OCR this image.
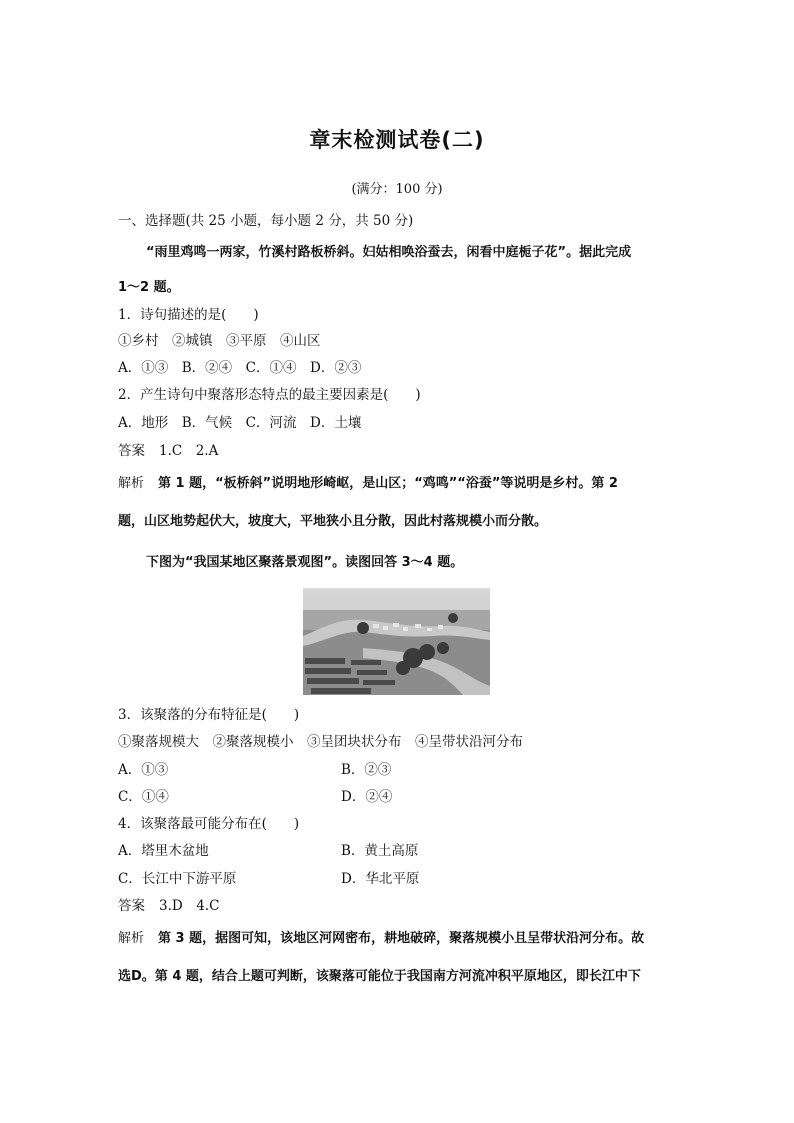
章末检测试卷(二)
(满分：100 分)
一、选择题(共 25 小题，每小题 2 分，共 50 分)
“雨里鸡鸣一两家，竹溪村路板桥斜。妇姑相唤浴蚕去，闲看中庭栀子花”。据此完成
1～2 题。
1．诗句描述的是(　　)
①乡村　②城镇　③平原　④山区
A．①③　B．②④　C．①④　D．②③
2．产生诗句中聚落形态特点的最主要因素是(　　)
A．地形　B．气候　C．河流　D．土壤
答案 1.C　2.A
解析 第 1 题，“板桥斜”说明地形崎岖，是山区；“鸡鸣”“浴蚕”等说明是乡村。第 2
题，山区地势起伏大，坡度大，平地狭小且分散，因此村落规模小而分散。
下图为“我国某地区聚落景观图”。读图回答 3～4 题。
3．该聚落的分布特征是(　　)
①聚落规模大　②聚落规模小　③呈团块状分布　④呈带状沿河分布
A．①③	B．②③
C．①④	D．②④
4．该聚落最可能分布在(　　)
A．塔里木盆地	B．黄土高原
C．长江中下游平原	D．华北平原
答案 3.D　4.C
解析 第 3 题，据图可知，该地区河网密布，耕地破碎，聚落规模小且呈带状沿河分布。故
选D。第 4 题，结合上题可判断，该聚落可能位于我国南方河流冲积平原地区，即长江中下
